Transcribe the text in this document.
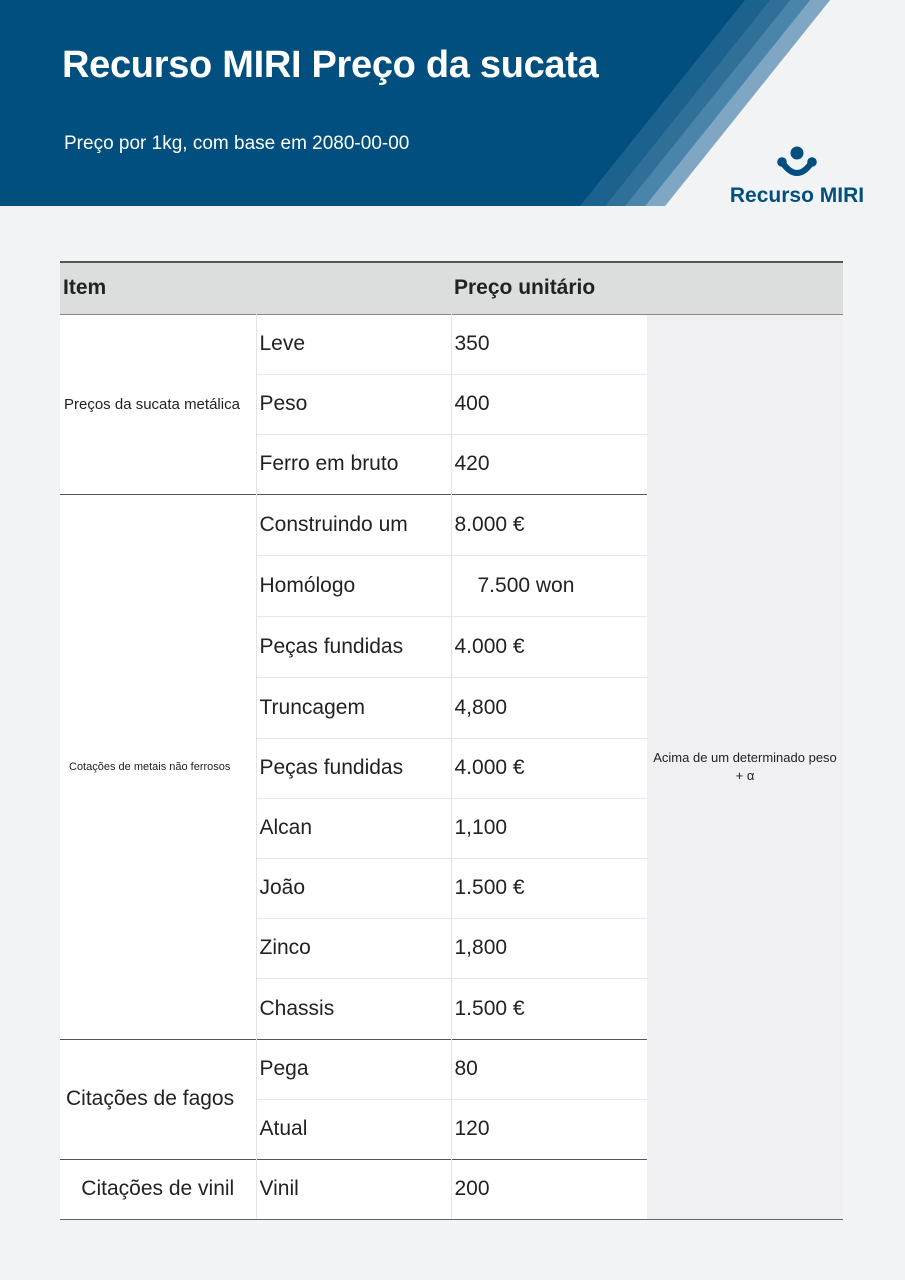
Recurso MIRI Preço da sucata
Preço por 1kg, com base em 2080-00-00
Recurso MIRI
Item		Preço unitário	
Preços da sucata metálica	Leve	350	Acima de um determinado peso + α
	Peso	400	
	Ferro em bruto	420	
Cotações de metais não ferrosos	Construindo um	8.000 €	
	Homólogo	7.500 won	
	Peças fundidas	4.000 €	
	Truncagem	4,800	
	Peças fundidas	4.000 €	
	Alcan	1,100	
	João	1.500 €	
	Zinco	1,800	
	Chassis	1.500 €	
Citações de fagos	Pega	80	
	Atual	120	
Citações de vinil	Vinil	200	
